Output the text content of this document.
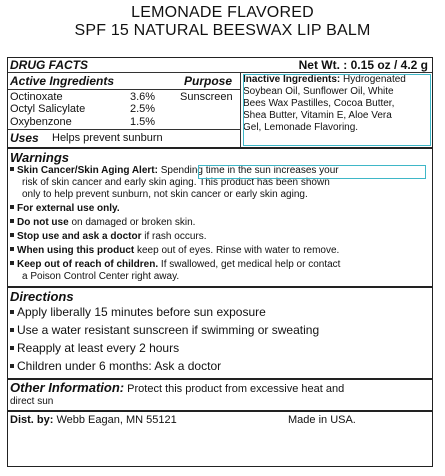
LEMONADE FLAVORED
SPF 15 NATURAL BEESWAX LIP BALM
DRUG FACTS	Net Wt. : 0.15 oz / 4.2 g
Active Ingredients	Purpose
Octinoxate	3.6% Sunscreen
Octyl Salicylate	2.5%
Oxybenzone	1.5%
Uses Helps prevent sunburn
Inactive Ingredients: Hydrogenated
Soybean Oil, Sunflower Oil, White
Bees Wax Pastilles, Cocoa Butter,
Shea Butter, Vitamin E, Aloe Vera
Gel, Lemonade Flavoring.
Warnings
Skin Cancer/Skin Aging Alert: Spending time in the sun increases your
risk of skin cancer and early skin aging. This product has been shown
only to help prevent sunburn, not skin cancer or early skin aging.
For external use only.
Do not use on damaged or broken skin.
Stop use and ask a doctor if rash occurs.
When using this product keep out of eyes. Rinse with water to remove.
Keep out of reach of children. If swallowed, get medical help or contact
a Poison Control Center right away.
Directions
Apply liberally 15 minutes before sun exposure
Use a water resistant sunscreen if swimming or sweating
Reapply at least every 2 hours
Children under 6 months: Ask a doctor
Other Information: Protect this product from excessive heat and
direct sun
Dist. by: Webb Eagan, MN 55121	Made in USA.
